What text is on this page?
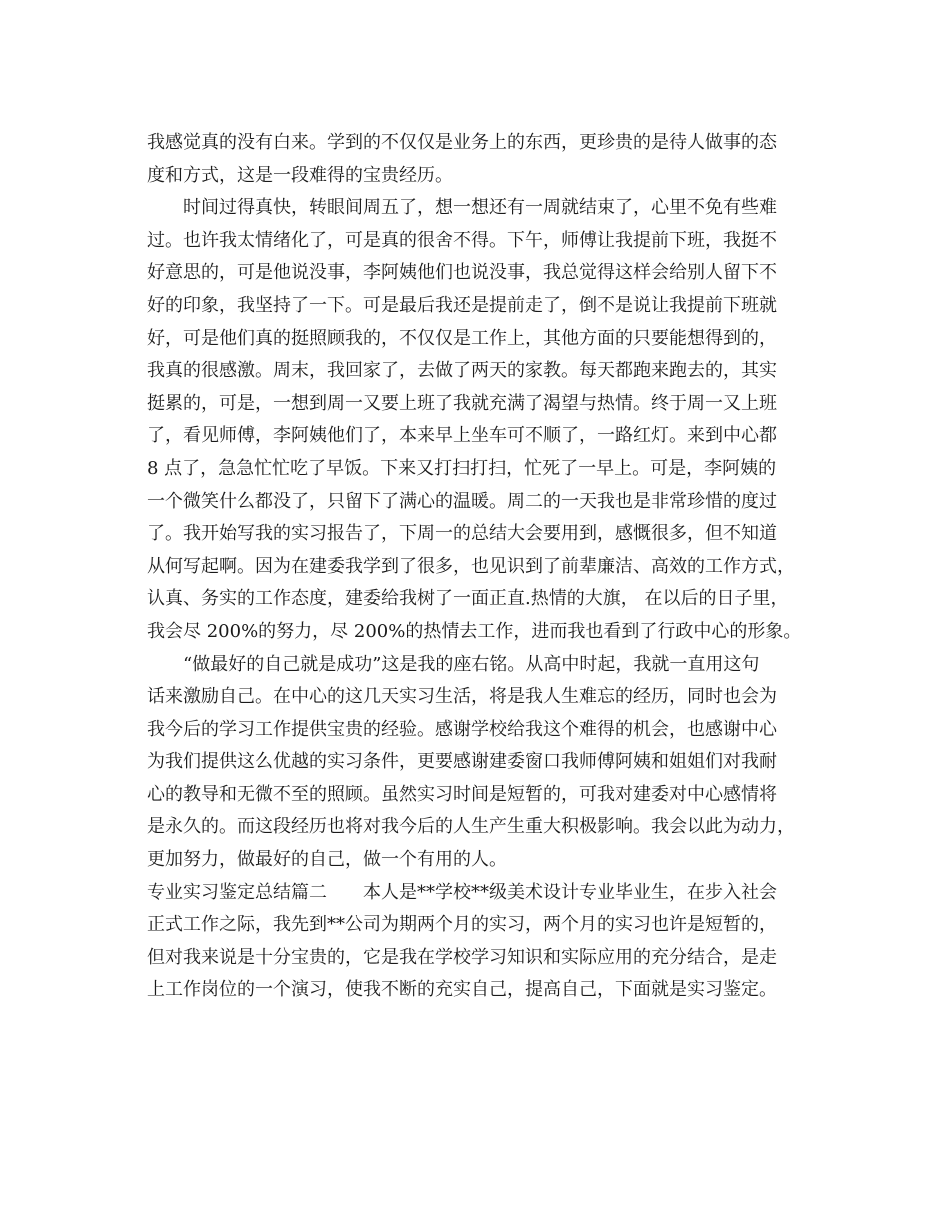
我感觉真的没有白来。学到的不仅仅是业务上的东西，更珍贵的是待人做事的态
度和方式，这是一段难得的宝贵经历。
　　时间过得真快，转眼间周五了，想一想还有一周就结束了，心里不免有些难
过。也许我太情绪化了，可是真的很舍不得。下午，师傅让我提前下班，我挺不
好意思的，可是他说没事，李阿姨他们也说没事，我总觉得这样会给别人留下不
好的印象，我坚持了一下。可是最后我还是提前走了，倒不是说让我提前下班就
好，可是他们真的挺照顾我的，不仅仅是工作上，其他方面的只要能想得到的，
我真的很感激。周末，我回家了，去做了两天的家教。每天都跑来跑去的，其实
挺累的，可是，一想到周一又要上班了我就充满了渴望与热情。终于周一又上班
了，看见师傅，李阿姨他们了，本来早上坐车可不顺了，一路红灯。来到中心都
8 点了，急急忙忙吃了早饭。下来又打扫打扫，忙死了一早上。可是，李阿姨的
一个微笑什么都没了，只留下了满心的温暖。周二的一天我也是非常珍惜的度过
了。我开始写我的实习报告了，下周一的总结大会要用到，感慨很多，但不知道
从何写起啊。因为在建委我学到了很多，也见识到了前辈廉洁、高效的工作方式，
认真、务实的工作态度，建委给我树了一面正直.热情的大旗， 在以后的日子里，
我会尽 200%的努力，尽 200%的热情去工作，进而我也看到了行政中心的形象。
　　“做最好的自己就是成功”这是我的座右铭。从高中时起，我就一直用这句
话来激励自己。在中心的这几天实习生活，将是我人生难忘的经历，同时也会为
我今后的学习工作提供宝贵的经验。感谢学校给我这个难得的机会，也感谢中心
为我们提供这么优越的实习条件，更要感谢建委窗口我师傅阿姨和姐姐们对我耐
心的教导和无微不至的照顾。虽然实习时间是短暂的，可我对建委对中心感情将
是永久的。而这段经历也将对我今后的人生产生重大积极影响。我会以此为动力，
更加努力，做最好的自己，做一个有用的人。
专业实习鉴定总结篇二　　本人是**学校**级美术设计专业毕业生，在步入社会
正式工作之际，我先到**公司为期两个月的实习，两个月的实习也许是短暂的，
但对我来说是十分宝贵的，它是我在学校学习知识和实际应用的充分结合，是走
上工作岗位的一个演习，使我不断的充实自己，提高自己，下面就是实习鉴定。
